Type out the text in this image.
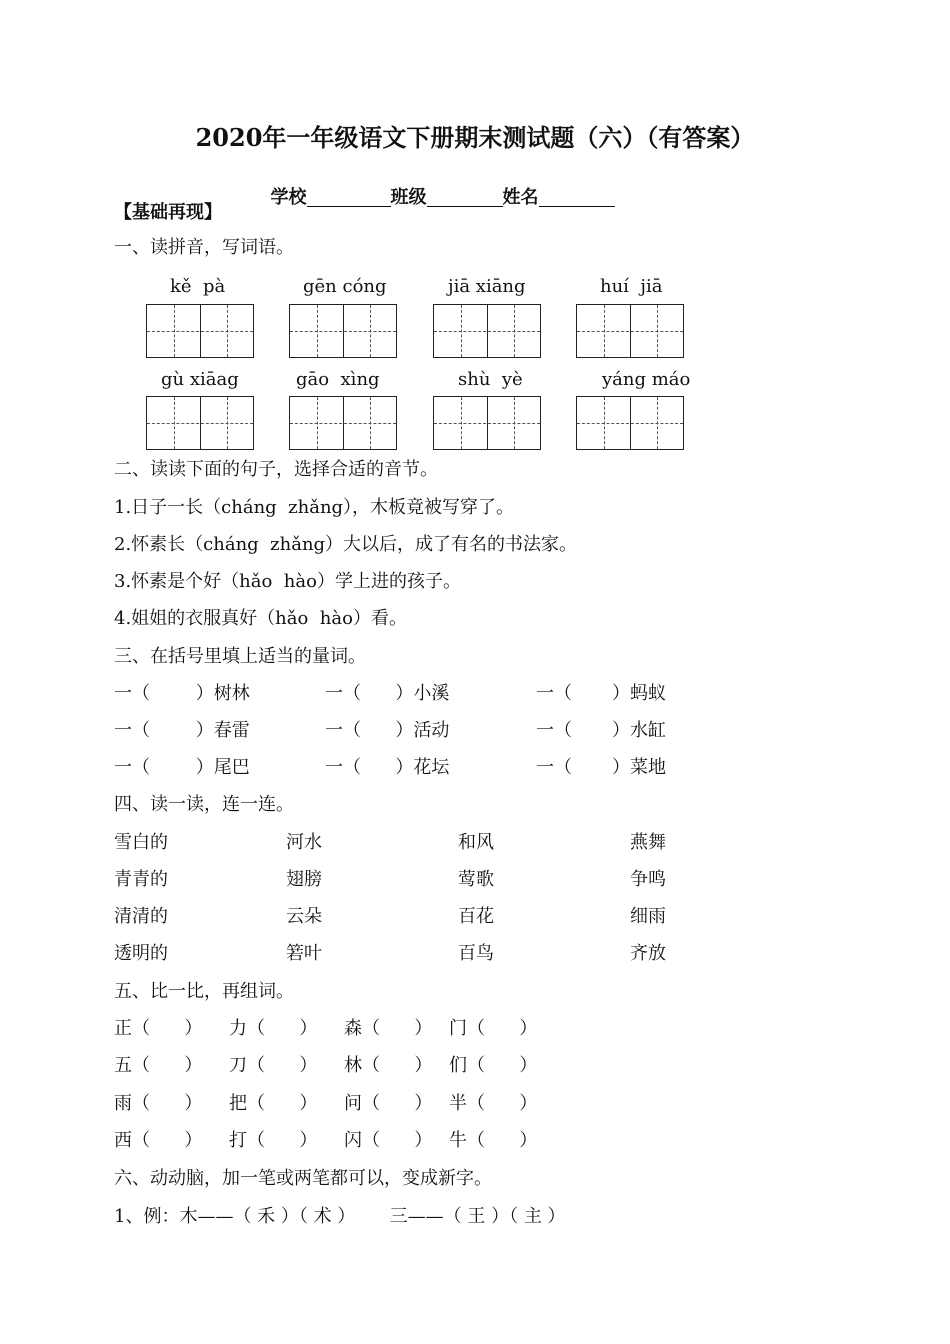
2020年一年级语文下册期末测试题（六）（有答案）

学校	班级	姓名

【基础再现】
一、读拼音，写词语。
kě  pà	gēn cóng	jiā xiāng	huí  jiā
gù xiāag	gāo  xìng	shù  yè	yáng máo
二、读读下面的句子，选择合适的音节。
1.日子一长（cháng  zhǎng），木板竟被写穿了。
2.怀素长（cháng  zhǎng）大以后，成了有名的书法家。
3.怀素是个好（hǎo  hào）学上进的孩子。
4.姐姐的衣服真好（hǎo  hào）看。
三、在括号里填上适当的量词。
一（        ）树林	一（      ）小溪	一（       ）蚂蚁
一（        ）春雷	一（      ）活动	一（       ）水缸
一（        ）尾巴	一（      ）花坛	一（       ）菜地
四、读一读，连一连。
雪白的	河水	和风	燕舞
青青的	翅膀	莺歌	争鸣
清清的	云朵	百花	细雨
透明的	箬叶	百鸟	齐放
五、比一比，再组词。
正（      ） 力（      ） 森（      ） 门（      ）
五（      ） 刀（      ） 林（      ） 们（      ）
雨（      ） 把（      ） 问（      ） 半（      ）
西（      ） 打（      ） 闪（      ） 牛（      ）
六、动动脑，加一笔或两笔都可以，变成新字。
1、例：木——（ 禾 ）（ 术 ）      三——（ 王 ）（ 主 ）
